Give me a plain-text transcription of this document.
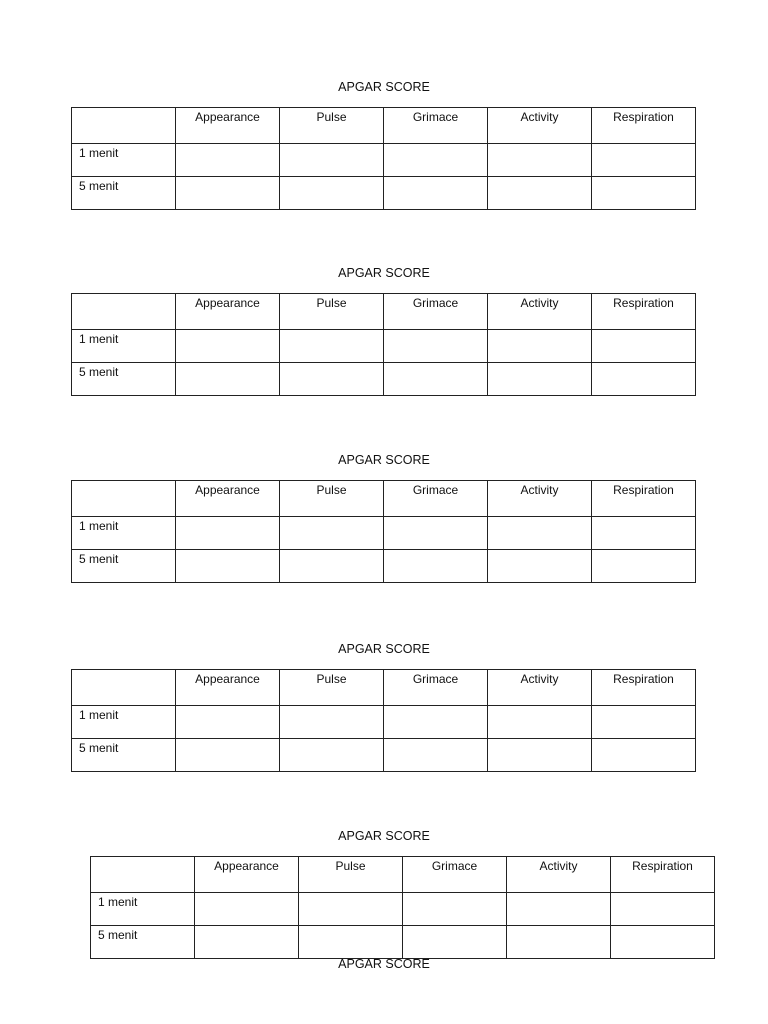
APGAR SCORE
	Appearance	Pulse	Grimace	Activity	Respiration
1 menit					
5 menit					
APGAR SCORE
	Appearance	Pulse	Grimace	Activity	Respiration
1 menit					
5 menit					
APGAR SCORE
	Appearance	Pulse	Grimace	Activity	Respiration
1 menit					
5 menit					
APGAR SCORE
	Appearance	Pulse	Grimace	Activity	Respiration
1 menit					
5 menit					
APGAR SCORE
	Appearance	Pulse	Grimace	Activity	Respiration
1 menit					
5 menit					
APGAR SCORE
